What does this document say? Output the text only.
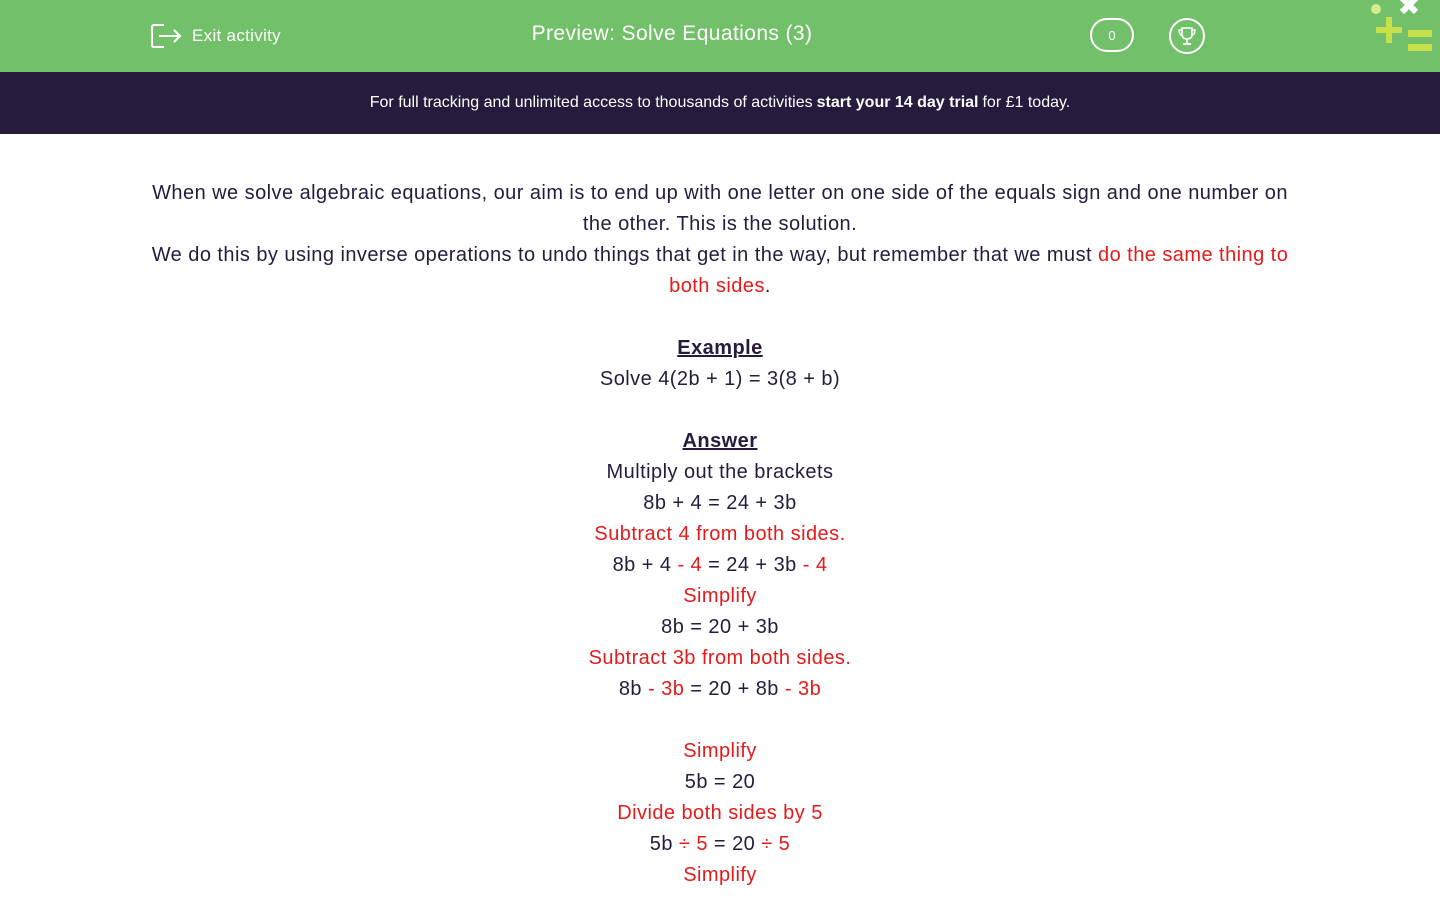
Exit activity	Preview: Solve Equations (3)	0
For full tracking and unlimited access to thousands of activities start your 14 day trial for £1 today.

When we solve algebraic equations, our aim is to end up with one letter on one side of the equals sign and one number on the other. This is the solution.

We do this by using inverse operations to undo things that get in the way, but remember that we must do the same thing to both sides.

Example

Solve 4(2b + 1) = 3(8 + b)

Answer

Multiply out the brackets

8b + 4 = 24 + 3b

Subtract 4 from both sides.

8b + 4 - 4 = 24 + 3b - 4

Simplify

8b = 20 + 3b

Subtract 3b from both sides.

8b - 3b = 20 + 8b - 3b

Simplify

5b = 20

Divide both sides by 5

5b ÷ 5 = 20 ÷ 5

Simplify
